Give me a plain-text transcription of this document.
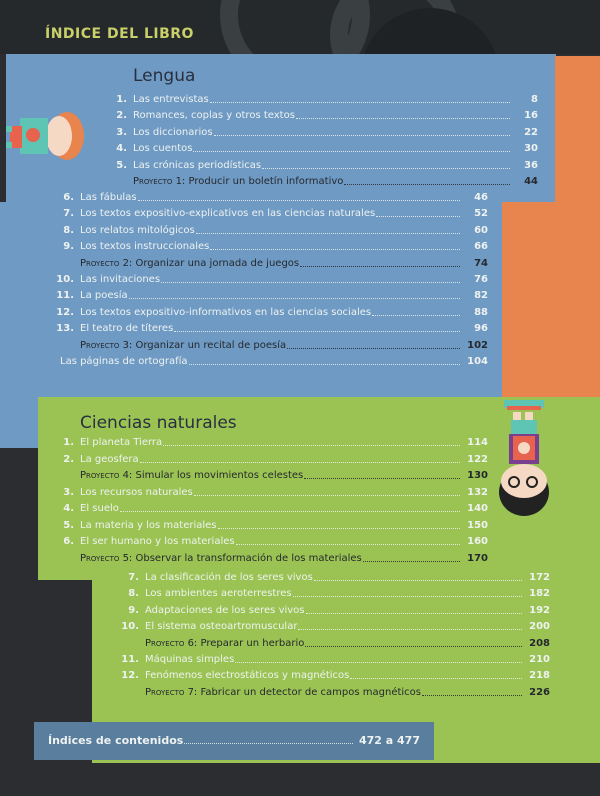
ÍNDICE DEL LIBRO
Lengua
1. Las entrevistas	8
2. Romances, coplas y otros textos	16
3. Los diccionarios	22
4. Los cuentos	30
5. Las crónicas periodísticas	36
Proyecto 1: Producir un boletín informativo	44
6. Las fábulas	46
7. Los textos expositivo-explicativos en las ciencias naturales	52
8. Los relatos mitológicos	60
9. Los textos instruccionales	66
Proyecto 2: Organizar una jornada de juegos	74
10. Las invitaciones	76
11. La poesía	82
12. Los textos expositivo-informativos en las ciencias sociales	88
13. El teatro de títeres	96
Proyecto 3: Organizar un recital de poesía	102
Las páginas de ortografía	104
Ciencias naturales
1. El planeta Tierra	114
2. La geosfera	122
Proyecto 4: Simular los movimientos celestes	130
3. Los recursos naturales	132
4. El suelo	140
5. La materia y los materiales	150
6. El ser humano y los materiales	160
Proyecto 5: Observar la transformación de los materiales	170
7. La clasificación de los seres vivos	172
8. Los ambientes aeroterrestres	182
9. Adaptaciones de los seres vivos	192
10. El sistema osteoartromuscular	200
Proyecto 6: Preparar un herbario	208
11. Máquinas simples	210
12. Fenómenos electrostáticos y magnéticos	218
Proyecto 7: Fabricar un detector de campos magnéticos	226
Índices de contenidos	472 a 477
